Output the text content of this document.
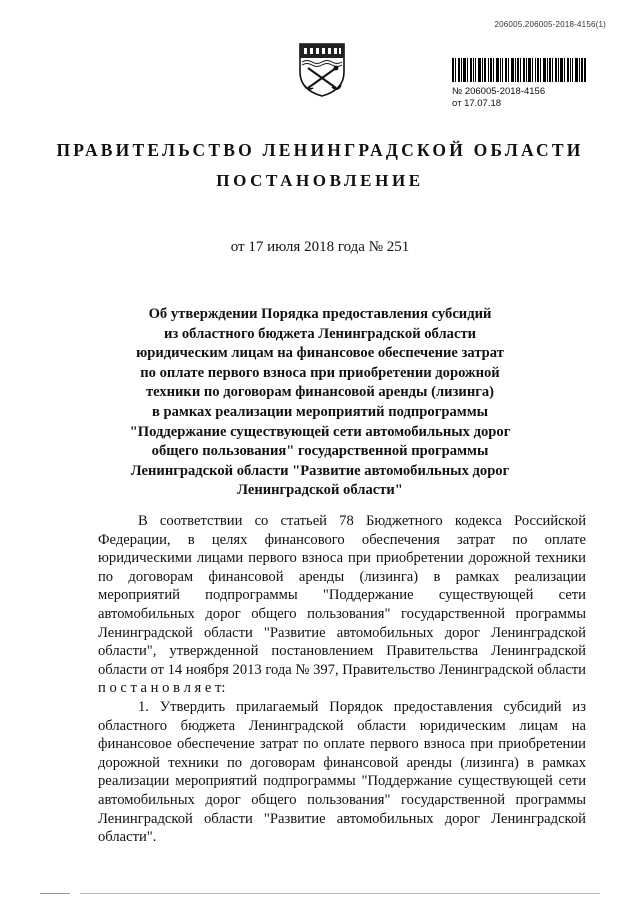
206005.206005-2018-4156(1)
№ 206005-2018-4156
от 17.07.18
ПРАВИТЕЛЬСТВО ЛЕНИНГРАДСКОЙ ОБЛАСТИ
ПОСТАНОВЛЕНИЕ
от 17 июля 2018 года № 251
Об утверждении Порядка предоставления субсидий
из областного бюджета Ленинградской области
юридическим лицам на финансовое обеспечение затрат
по оплате первого взноса при приобретении дорожной
техники по договорам финансовой аренды (лизинга)
в рамках реализации мероприятий подпрограммы
"Поддержание существующей сети автомобильных дорог
общего пользования" государственной программы
Ленинградской области "Развитие автомобильных дорог
Ленинградской области"

В соответствии со статьей 78 Бюджетного кодекса Российской Федерации, в целях финансового обеспечения затрат по оплате юридическими лицами первого взноса при приобретении дорожной техники по договорам финансовой аренды (лизинга) в рамках реализации мероприятий подпрограммы "Поддержание существующей сети автомобильных дорог общего пользования" государственной программы Ленинградской области "Развитие автомобильных дорог Ленинградской области", утвержденной постановлением Правительства Ленинградской области от 14 ноября 2013 года № 397, Правительство Ленинградской области п о с т а н о в л я е т:

1. Утвердить прилагаемый Порядок предоставления субсидий из областного бюджета Ленинградской области юридическим лицам на финансовое обеспечение затрат по оплате первого взноса при приобретении дорожной техники по договорам финансовой аренды (лизинга) в рамках реализации мероприятий подпрограммы "Поддержание существующей сети автомобильных дорог общего пользования" государственной программы Ленинградской области "Развитие автомобильных дорог Ленинградской области".
